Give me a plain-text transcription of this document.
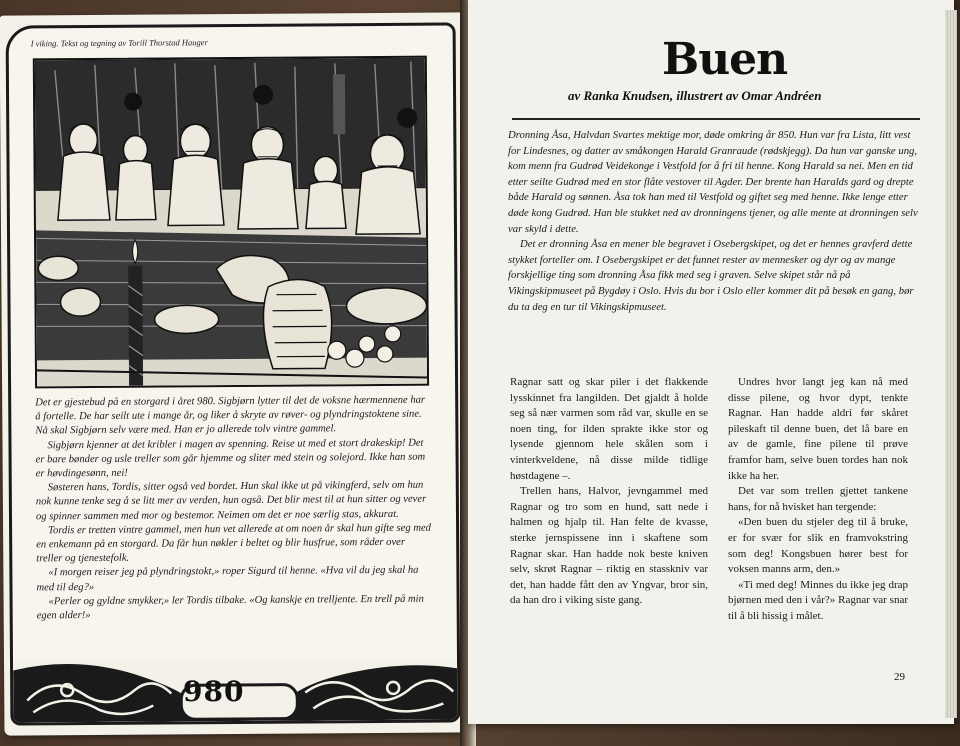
I viking. Tekst og tegning av Torill Thorstad Hauger

Det er gjestebud på en storgard i året 980. Sigbjørn lytter til det de voksne hærmennene har å fortelle. De har seilt ute i mange år, og liker å skryte av røver- og plyndringstoktene sine. Nå skal Sigbjørn selv være med. Han er jo allerede tolv vintre gammel.

Sigbjørn kjenner at det kribler i magen av spenning. Reise ut med et stort drakeskip! Det er bare bønder og usle treller som går hjemme og sliter med stein og solejord. Ikke han som er høvdingesønn, nei!

Søsteren hans, Tordis, sitter også ved bordet. Hun skal ikke ut på vikingferd, selv om hun nok kunne tenke seg å se litt mer av verden, hun også. Det blir mest til at hun sitter og vever og spinner sammen med mor og bestemor. Neimen om det er noe særlig stas, akkurat.

Tordis er tretten vintre gammel, men hun vet allerede at om noen år skal hun gifte seg med en enkemann på en storgard. Da får hun nøkler i beltet og blir husfrue, som råder over treller og tjenestefolk.

«I morgen reiser jeg på plyndringstokt,» roper Sigurd til henne. «Hva vil du jeg skal ha med til deg?»

«Perler og gyldne smykker,» ler Tordis tilbake. «Og kanskje en trelljente. En trell på min egen alder!»

980
Buen
av Ranka Knudsen, illustrert av Omar Andréen

Dronning Åsa, Halvdan Svartes mektige mor, døde omkring år 850. Hun var fra Lista, litt vest for Lindesnes, og datter av småkongen Harald Granraude (rødskjegg). Da hun var ganske ung, kom menn fra Gudrød Veidekonge i Vestfold for å fri til henne. Kong Harald sa nei. Men en tid etter seilte Gudrød med en stor flåte vestover til Agder. Der brente han Haralds gard og drepte både Harald og sønnen. Åsa tok han med til Vestfold og giftet seg med henne. Ikke lenge etter døde kong Gudrød. Han ble stukket ned av dronningens tjener, og alle mente at dronningen selv var skyld i dette.

Det er dronning Åsa en mener ble begravet i Osebergskipet, og det er hennes gravferd dette stykket forteller om. I Osebergskipet er det funnet rester av mennesker og dyr og av mange forskjellige ting som dronning Åsa fikk med seg i graven. Selve skipet står nå på Vikingskipmuseet på Bygdøy i Oslo. Hvis du bor i Oslo eller kommer dit på besøk en gang, bør du ta deg en tur til Vikingskipmuseet.

Ragnar satt og skar piler i det flakkende lysskinnet fra langilden. Det gjaldt å holde seg så nær varmen som råd var, skulle en se noen ting, for ilden sprakte ikke stor og lysende gjennom hele skålen som i vinterkveldene, nå disse milde tidlige høstdagene –.

Trellen hans, Halvor, jevngammel med Ragnar og tro som en hund, satt nede i halmen og hjalp til. Han felte de kvasse, sterke jernspissene inn i skaftene som Ragnar skar. Han hadde nok beste kniven selv, skrøt Ragnar – riktig en stasskniv var det, han hadde fått den av Yngvar, bror sin, da han dro i viking siste gang.

Undres hvor langt jeg kan nå med disse pilene, og hvor dypt, tenkte Ragnar. Han hadde aldri før skåret pileskaft til denne buen, det lå bare en av de gamle, fine pilene til prøve framfor ham, selve buen tordes han nok ikke ha her.

Det var som trellen gjettet tankene hans, for nå hvisket han tergende:

«Den buen du stjeler deg til å bruke, er for svær for slik en framvokstring som deg! Kongsbuen hører best for voksen manns arm, den.»

«Ti med deg! Minnes du ikke jeg drap bjørnen med den i vår?» Ragnar var snar til å bli hissig i målet.

29
